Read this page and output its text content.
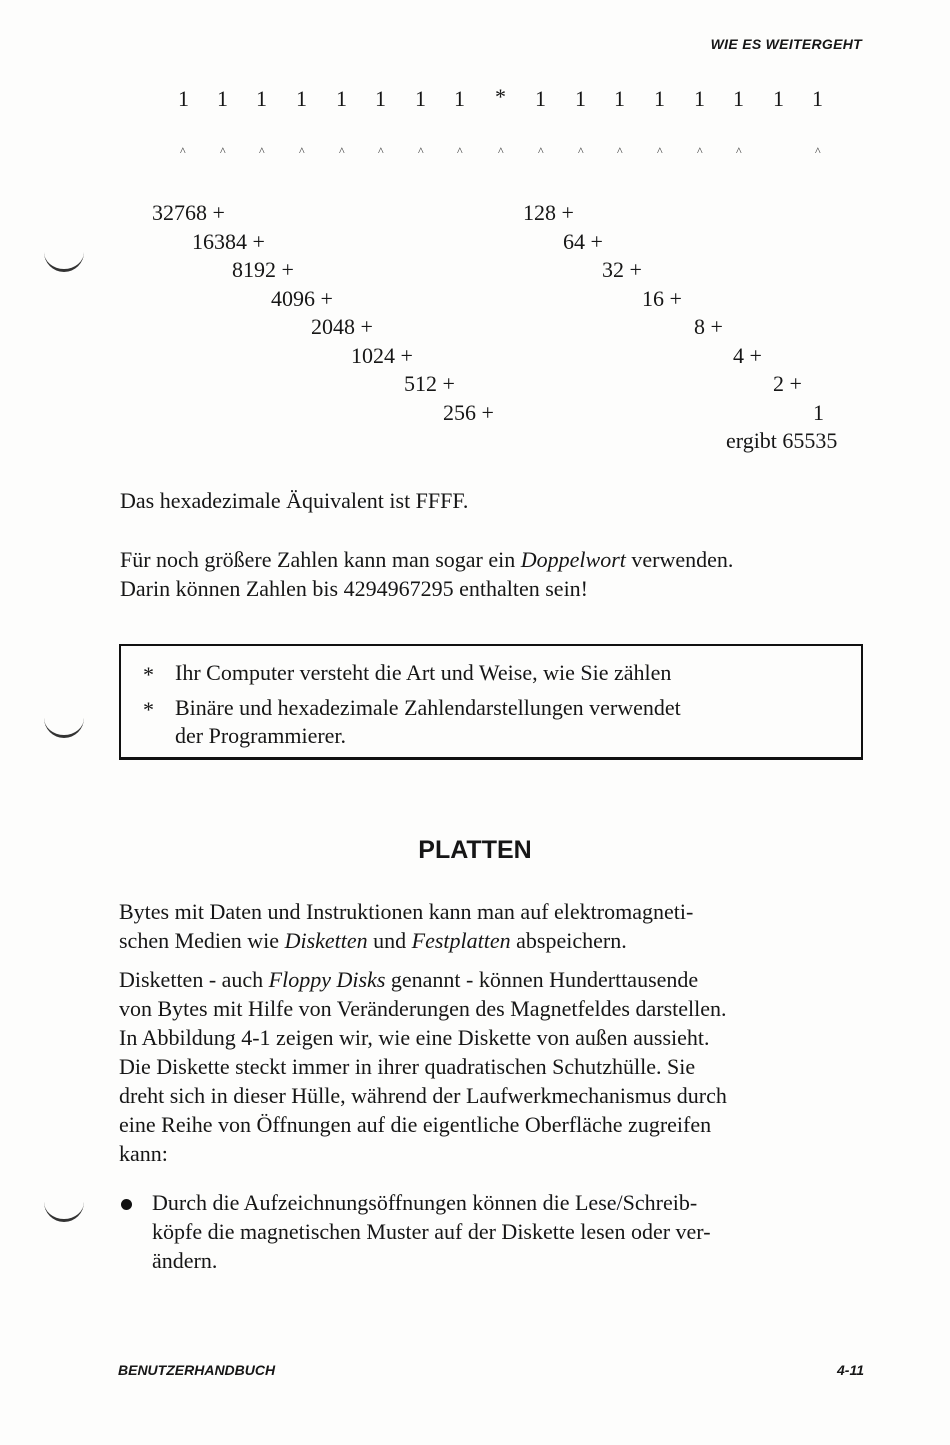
WIE ES WEITERGEHT
1 1 1 1 1 1 1 1 * 1 1 1 1 1 1 1 1
^	^	^	^	^	^	^	^	^	^	^	^	^	^	^	^
32768 +
16384 +
8192 +
4096 +
2048 +
1024 +
512 +
256 +
128 +
64 +
32 +
16 +
8 +
4 +
2 +
1
ergibt 65535
Das hexadezimale Äquivalent ist FFFF.
Für noch größere Zahlen kann man sogar ein Doppelwort verwenden.
Darin können Zahlen bis 4294967295 enthalten sein!
* Ihr Computer versteht die Art und Weise, wie Sie zählen
* Binäre und hexadezimale Zahlendarstellungen verwendet
der Programmierer.
PLATTEN
Bytes mit Daten und Instruktionen kann man auf elektromagneti-
schen Medien wie Disketten und Festplatten abspeichern.
Disketten - auch Floppy Disks genannt - können Hunderttausende
von Bytes mit Hilfe von Veränderungen des Magnetfeldes darstellen.
In Abbildung 4-1 zeigen wir, wie eine Diskette von außen aussieht.
Die Diskette steckt immer in ihrer quadratischen Schutzhülle. Sie
dreht sich in dieser Hülle, während der Laufwerkmechanismus durch
eine Reihe von Öffnungen auf die eigentliche Oberfläche zugreifen
kann:
Durch die Aufzeichnungsöffnungen können die Lese/Schreib-
köpfe die magnetischen Muster auf der Diskette lesen oder ver-
ändern.
BENUTZERHANDBUCH	4-11
